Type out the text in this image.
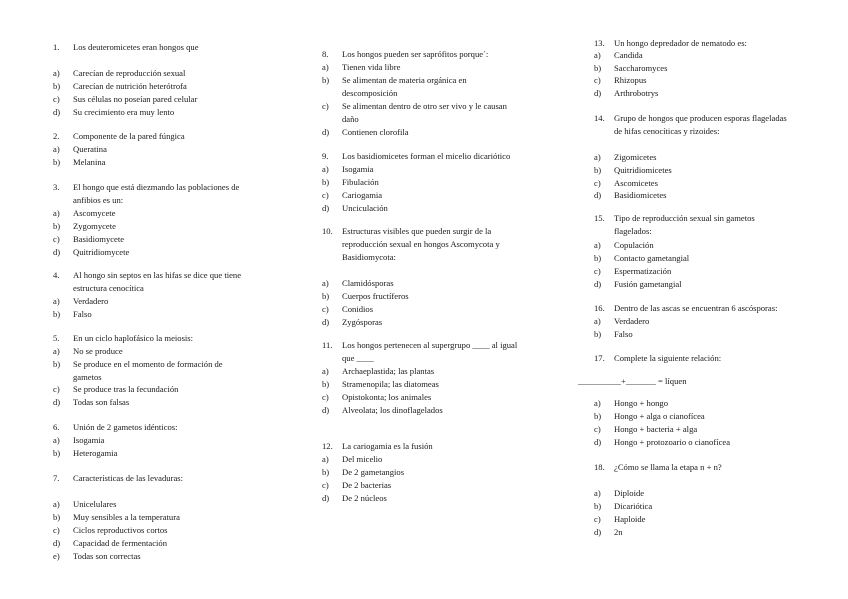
1. Los deuteromicetes eran hongos que
a) Carecían de reproducción sexual
b) Carecían de nutrición heterótrofa
c) Sus células no poseían pared celular
d) Su crecimiento era muy lento
2. Componente de la pared fúngica
a) Queratina
b) Melanina
3. El hongo que está diezmando las poblaciones de
anfibios es un:
a) Ascomycete
b) Zygomycete
c) Basidiomycete
d) Quitridiomycete
4. Al hongo sin septos en las hifas se dice que tiene
estructura cenocítica
a) Verdadero
b) Falso
5. En un ciclo haplofásico la meiosis:
a) No se produce
b) Se produce en el momento de formación de
gametos
c) Se produce tras la fecundación
d) Todas son falsas
6. Unión de 2 gametos idénticos:
a) Isogamia
b) Heterogamia
7. Características de las levaduras:
a) Unicelulares
b) Muy sensibles a la temperatura
c) Ciclos reproductivos cortos
d) Capacidad de fermentación
e) Todas son correctas
8. Los hongos pueden ser saprófitos porque´:
a) Tienen vida libre
b) Se alimentan de materia orgánica en
descomposición
c) Se alimentan dentro de otro ser vivo y le causan
daño
d) Contienen clorofila
9. Los basidiomicetes forman el micelio dicariótico
a) Isogamia
b) Fibulación
c) Cariogamia
d) Unciculación
10. Estructuras visibles que pueden surgir de la
reproducción sexual en hongos Ascomycota y
Basidiomycota:
a) Clamidósporas
b) Cuerpos fructíferos
c) Conidios
d) Zygósporas
11. Los hongos pertenecen al supergrupo ____ al igual
que ____
a) Archaeplastida; las plantas
b) Stramenopila; las diatomeas
c) Opistokonta; los animales
d) Alveolata; los dinoflagelados
12. La cariogamia es la fusión
a) Del micelio
b) De 2 gametangios
c) De 2 bacterias
d) De 2 núcleos
13. Un hongo depredador de nematodo es:
a) Candida
b) Saccharomyces
c) Rhizopus
d) Arthrobotrys
14. Grupo de hongos que producen esporas flageladas
de hifas cenocíticas y rizoides:
a) Zigomicetes
b) Quitridiomicetes
c) Ascomicetes
d) Basidiomicetes
15. Tipo de reproducción sexual sin gametos
flagelados:
a) Copulación
b) Contacto gametangial
c) Espermatización
d) Fusión gametangial
16. Dentro de las ascas se encuentran 6 ascósporas:
a) Verdadero
b) Falso
17. Complete la siguiente relación:
__________+_______ = líquen
a) Hongo + hongo
b) Hongo + alga o cianofícea
c) Hongo + bacteria + alga
d) Hongo + protozoario o cianofícea
18. ¿Cómo se llama la etapa n + n?
a) Diploide
b) Dicariótica
c) Haploide
d) 2n
